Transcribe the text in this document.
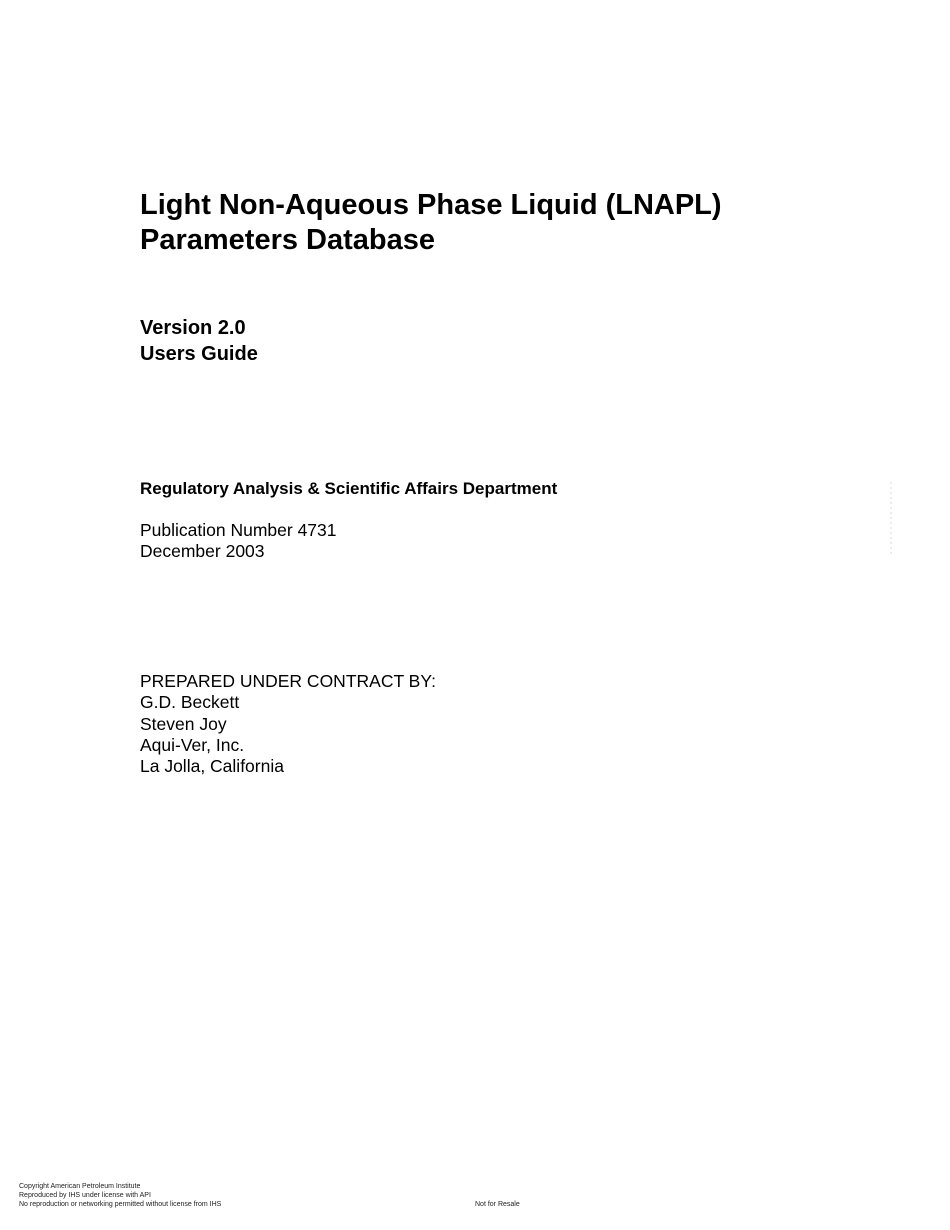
Light Non-Aqueous Phase Liquid (LNAPL)
Parameters Database
Version 2.0
Users Guide
Regulatory Analysis & Scientific Affairs Department
Publication Number 4731
December 2003
PREPARED UNDER CONTRACT BY:
G.D. Beckett
Steven Joy
Aqui-Ver, Inc.
La Jolla, California
Copyright American Petroleum Institute
Reproduced by IHS under license with API
No reproduction or networking permitted without license from IHS	Not for Resale
